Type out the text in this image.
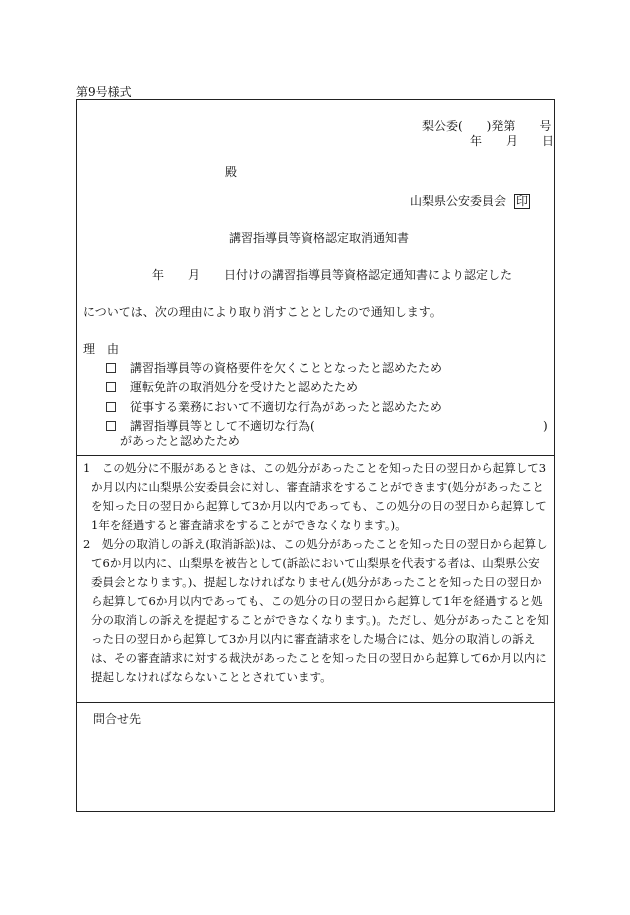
第9号様式
梨公委(　　)発第　　号
年　　月　　日
殿
山梨県公安委員会 印
講習指導員等資格認定取消通知書
年　　月　　日付けの講習指導員等資格認定通知書により認定した
については、次の理由により取り消すこととしたので通知します。
理　由
講習指導員等の資格要件を欠くこととなったと認めたため
運転免許の取消処分を受けたと認めたため
従事する業務において不適切な行為があったと認めたため
講習指導員等として不適切な行為(	)
があったと認めたため
1　この処分に不服があるときは、この処分があったことを知った日の翌日から起算して3か月以内に山梨県公安委員会に対し、審査請求をすることができます(処分があったことを知った日の翌日から起算して3か月以内であっても、この処分の日の翌日から起算して1年を経過すると審査請求をすることができなくなります。)。
2　処分の取消しの訴え(取消訴訟)は、この処分があったことを知った日の翌日から起算して6か月以内に、山梨県を被告として(訴訟において山梨県を代表する者は、山梨県公安委員会となります。)、提起しなければなりません(処分があったことを知った日の翌日から起算して6か月以内であっても、この処分の日の翌日から起算して1年を経過すると処分の取消しの訴えを提起することができなくなります。)。ただし、処分があったことを知った日の翌日から起算して3か月以内に審査請求をした場合には、処分の取消しの訴えは、その審査請求に対する裁決があったことを知った日の翌日から起算して6か月以内に提起しなければならないこととされています。
問合せ先
